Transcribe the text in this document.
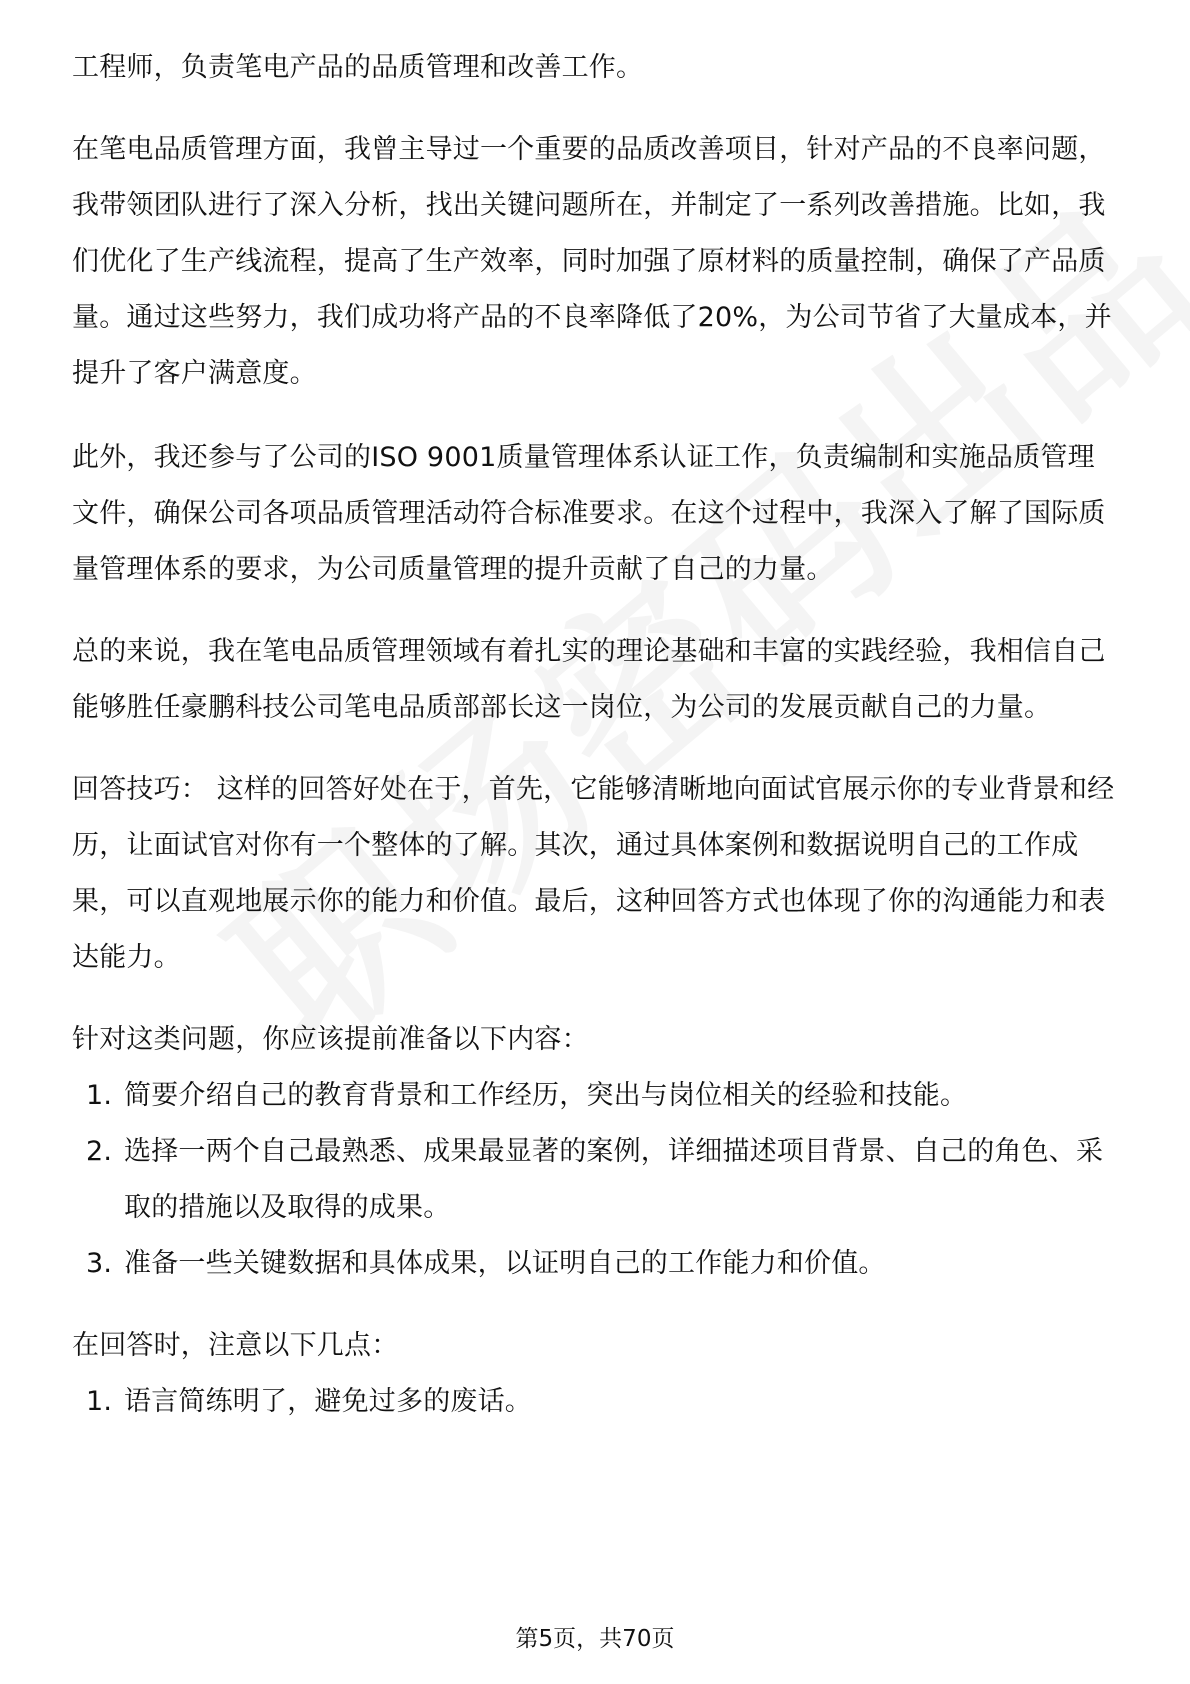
工程师，负责笔电产品的品质管理和改善工作。

在笔电品质管理方面，我曾主导过一个重要的品质改善项目，针对产品的不良率问题，我带领团队进行了深入分析，找出关键问题所在，并制定了一系列改善措施。比如，我们优化了生产线流程，提高了生产效率，同时加强了原材料的质量控制，确保了产品质量。通过这些努力，我们成功将产品的不良率降低了20%，为公司节省了大量成本，并提升了客户满意度。

此外，我还参与了公司的ISO 9001质量管理体系认证工作，负责编制和实施品质管理文件，确保公司各项品质管理活动符合标准要求。在这个过程中，我深入了解了国际质量管理体系的要求，为公司质量管理的提升贡献了自己的力量。

总的来说，我在笔电品质管理领域有着扎实的理论基础和丰富的实践经验，我相信自己能够胜任豪鹏科技公司笔电品质部部长这一岗位，为公司的发展贡献自己的力量。

回答技巧： 这样的回答好处在于，首先，它能够清晰地向面试官展示你的专业背景和经历，让面试官对你有一个整体的了解。其次，通过具体案例和数据说明自己的工作成果，可以直观地展示你的能力和价值。最后，这种回答方式也体现了你的沟通能力和表达能力。

针对这类问题，你应该提前准备以下内容：

1. 简要介绍自己的教育背景和工作经历，突出与岗位相关的经验和技能。
2. 选择一两个自己最熟悉、成果最显著的案例，详细描述项目背景、自己的角色、采取的措施以及取得的成果。
3. 准备一些关键数据和具体成果，以证明自己的工作能力和价值。

在回答时，注意以下几点：

1. 语言简练明了，避免过多的废话。
第5页，共70页
